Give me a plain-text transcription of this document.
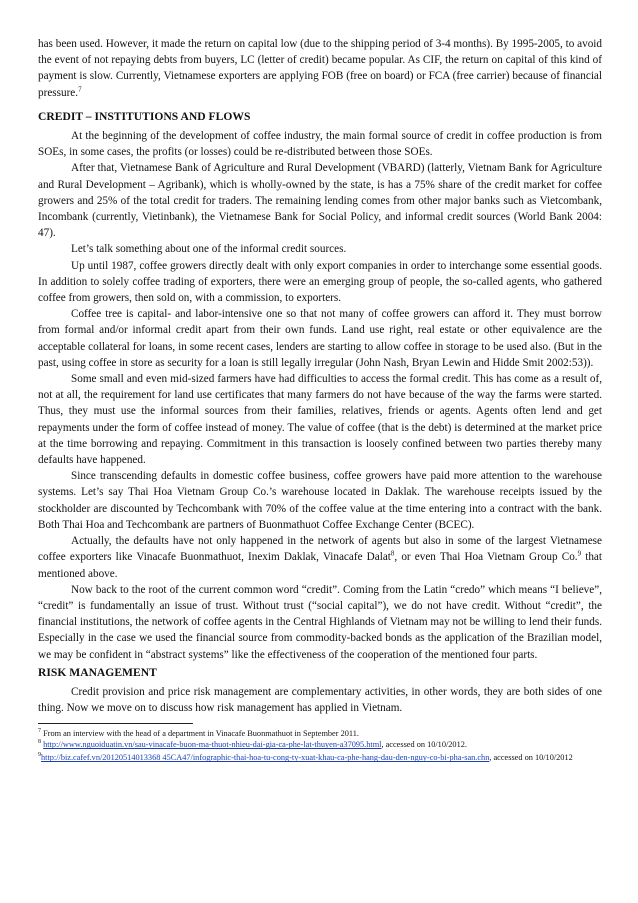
has been used. However, it made the return on capital low (due to the shipping period of 3-4 months). By 1995-2005, to avoid the event of not repaying debts from buyers, LC (letter of credit) became popular. As CIF, the return on capital of this kind of payment is slow. Currently, Vietnamese exporters are applying FOB (free on board) or FCA (free carrier) because of financial pressure.$^7$

CREDIT – INSTITUTIONS AND FLOWS

At the beginning of the development of coffee industry, the main formal source of credit in coffee production is from SOEs, in some cases, the profits (or losses) could be re-distributed between those SOEs.

After that, Vietnamese Bank of Agriculture and Rural Development (VBARD) (latterly, Vietnam Bank for Agriculture and Rural Development – Agribank), which is wholly-owned by the state, is has a 75% share of the credit market for coffee growers and 25% of the total credit for traders. The remaining lending comes from other major banks such as Vietcombank, Incombank (currently, Vietinbank), the Vietnamese Bank for Social Policy, and informal credit sources (World Bank 2004: 47).

Let’s talk something about one of the informal credit sources.

Up until 1987, coffee growers directly dealt with only export companies in order to interchange some essential goods. In addition to solely coffee trading of exporters, there were an emerging group of people, the so-called agents, who gathered coffee from growers, then sold on, with a commission, to exporters.

Coffee tree is capital- and labor-intensive one so that not many of coffee growers can afford it. They must borrow from formal and/or informal credit apart from their own funds. Land use right, real estate or other equivalence are the acceptable collateral for loans, in some recent cases, lenders are starting to allow coffee in storage to be used also. (But in the past, using coffee in store as security for a loan is still legally irregular (John Nash, Bryan Lewin and Hidde Smit 2002:53)).

Some small and even mid-sized farmers have had difficulties to access the formal credit. This has come as a result of, not at all, the requirement for land use certificates that many farmers do not have because of the way the farms were started. Thus, they must use the informal sources from their families, relatives, friends or agents. Agents often lend and get repayments under the form of coffee instead of money. The value of coffee (that is the debt) is determined at the market price at the time borrowing and repaying. Commitment in this transaction is loosely confined between two parties thereby many defaults have happened.

Since transcending defaults in domestic coffee business, coffee growers have paid more attention to the warehouse systems. Let’s say Thai Hoa Vietnam Group Co.’s warehouse located in Daklak. The warehouse receipts issued by the stockholder are discounted by Techcombank with 70% of the coffee value at the time entering into a contract with the bank. Both Thai Hoa and Techcombank are partners of Buonmathuot Coffee Exchange Center (BCEC).

Actually, the defaults have not only happened in the network of agents but also in some of the largest Vietnamese coffee exporters like Vinacafe Buonmathuot, Inexim Daklak, Vinacafe Dalat$^8$, or even Thai Hoa Vietnam Group Co.$^9$ that mentioned above.

Now back to the root of the current common word “credit”. Coming from the Latin “credo” which means “I believe”, “credit” is fundamentally an issue of trust. Without trust (“social capital”), we do not have credit. Without “credit”, the financial institutions, the network of coffee agents in the Central Highlands of Vietnam may not be willing to lend their funds. Especially in the case we used the financial source from commodity-backed bonds as the application of the Brazilian model, we may be confident in “abstract systems” like the effectiveness of the cooperation of the mentioned four parts.

RISK MANAGEMENT

Credit provision and price risk management are complementary activities, in other words, they are both sides of one thing. Now we move on to discuss how risk management has applied in Vietnam.

$^7$ From an interview with the head of a department in Vinacafe Buonmathuot in September 2011.

$^8$ http://www.nguoiduatin.vn/sau-vinacafe-buon-ma-thuot-nhieu-dai-gia-ca-phe-lat-thuyen-a37095.html, accessed on 10/10/2012.

$^9$http://biz.cafef.vn/20120514013368 45CA47/infographic-thai-hoa-tu-cong-ty-xuat-khau-ca-phe-hang-dau-den-nguy-co-bi-pha-san.chn, accessed on 10/10/2012
